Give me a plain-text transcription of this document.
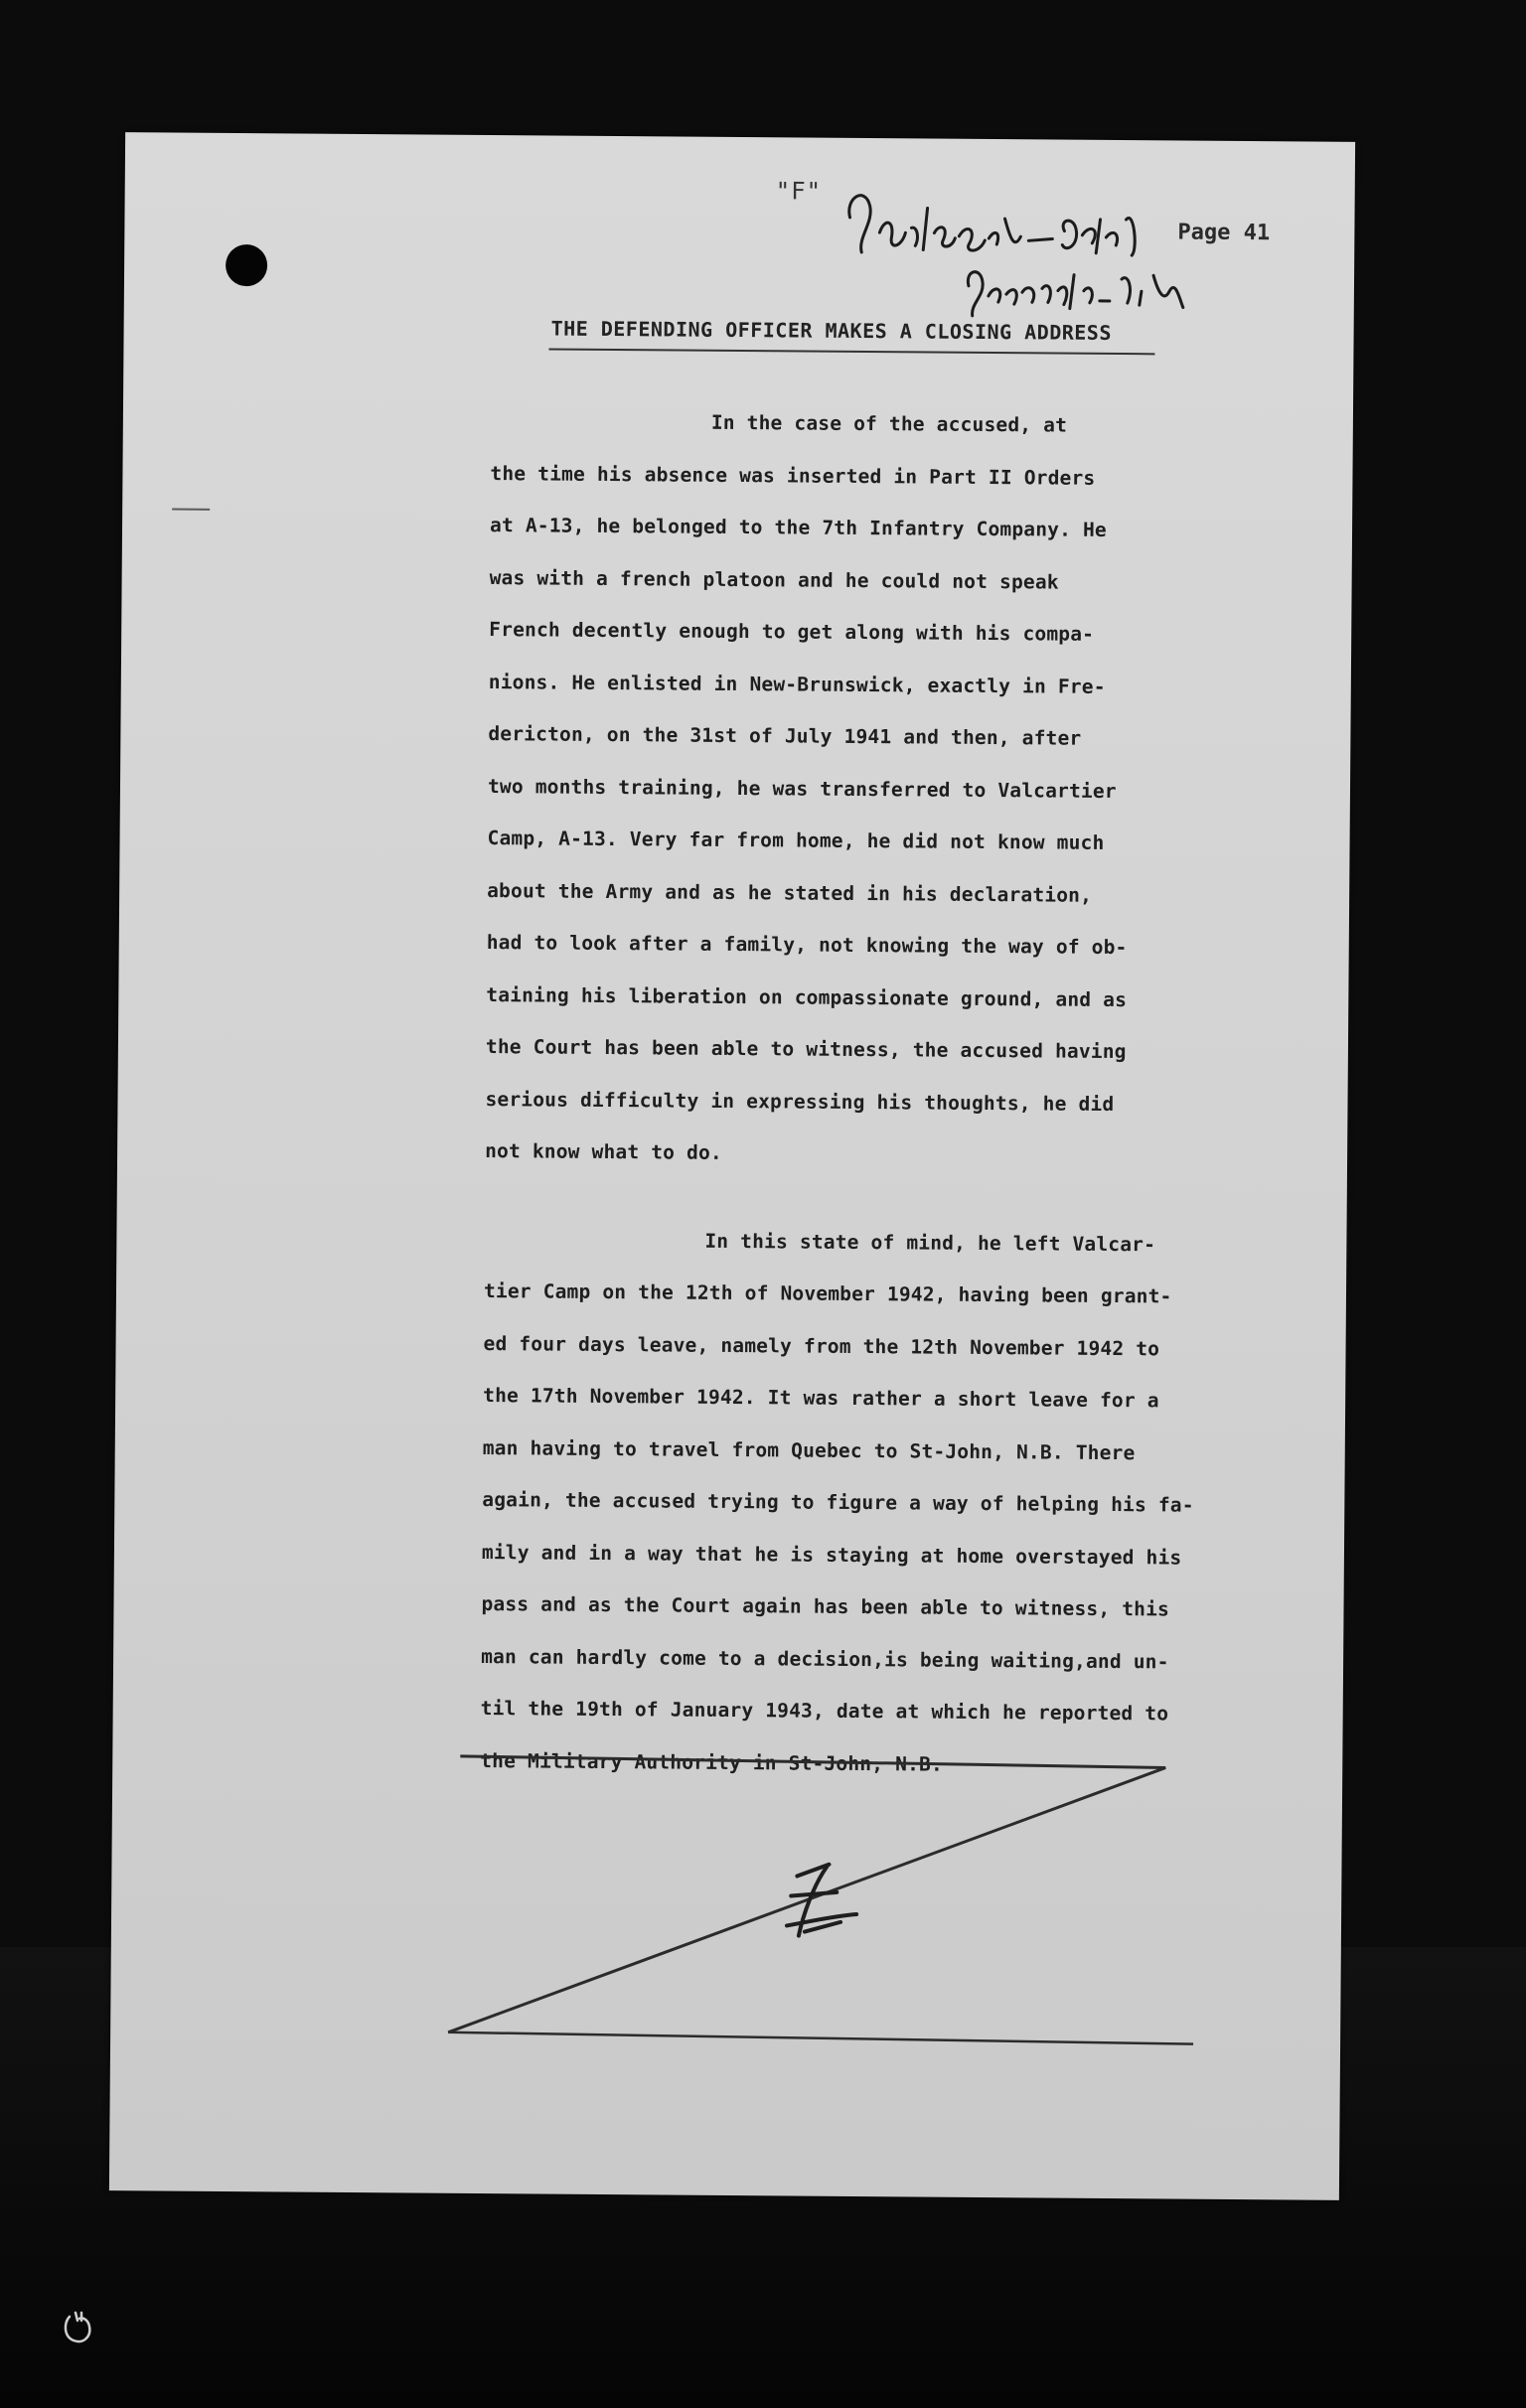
"F"
Page 41
Court Reporter - Official, President
THE DEFENDING OFFICER MAKES A CLOSING ADDRESS
In the case of the accused, at
the time his absence was inserted in Part II Orders
at A-13, he belonged to the 7th Infantry Company. He
was with a french platoon and he could not speak
French decently enough to get along with his compa-
nions. He enlisted in New-Brunswick, exactly in Fre-
dericton, on the 31st of July 1941 and then, after
two months training, he was transferred to Valcartier
Camp, A-13. Very far from home, he did not know much
about the Army and as he stated in his declaration,
had to look after a family, not knowing the way of ob-
taining his liberation on compassionate ground, and as
the Court has been able to witness, the accused having
serious difficulty in expressing his thoughts, he did
not know what to do.
In this state of mind, he left Valcar-
tier Camp on the 12th of November 1942, having been grant-
ed four days leave, namely from the 12th November 1942 to
the 17th November 1942. It was rather a short leave for a
man having to travel from Quebec to St-John, N.B. There
again, the accused trying to figure a way of helping his fa-
mily and in a way that he is staying at home overstayed his
pass and as the Court again has been able to witness, this
man can hardly come to a decision,is being waiting,and un-
til the 19th of January 1943, date at which he reported to
the Military Authority in St-John, N.B.
